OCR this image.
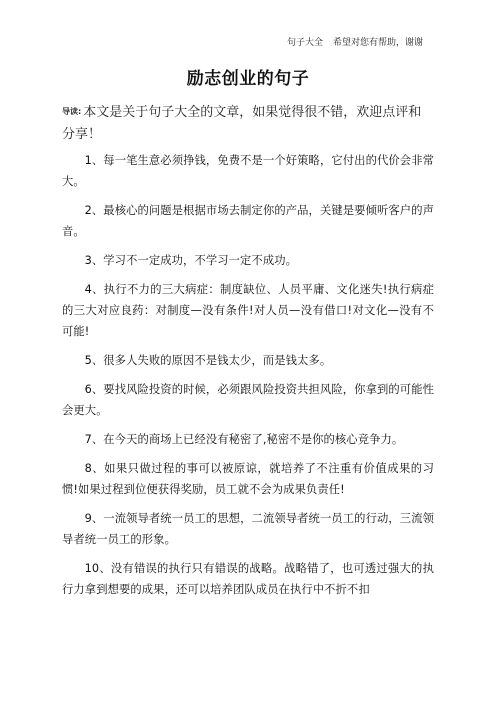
句子大全 希望对您有帮助，谢谢
励志创业的句子

导读: 本文是关于句子大全的文章，如果觉得很不错，欢迎点评和分享！

1、每一笔生意必须挣钱，免费不是一个好策略，它付出的代价会非常大。

2、最核心的问题是根据市场去制定你的产品，关键是要倾听客户的声音。

3、学习不一定成功，不学习一定不成功。

4、执行不力的三大病症：制度缺位、人员平庸、文化迷失!执行病症的三大对应良药：对制度—没有条件!对人员—没有借口!对文化—没有不可能!

5、很多人失败的原因不是钱太少，而是钱太多。

6、要找风险投资的时候，必须跟风险投资共担风险，你拿到的可能性会更大。

7、在今天的商场上已经没有秘密了,秘密不是你的核心竞争力。

8、如果只做过程的事可以被原谅，就培养了不注重有价值成果的习惯!如果过程到位便获得奖励，员工就不会为成果负责任!

9、一流领导者统一员工的思想，二流领导者统一员工的行动，三流领导者统一员工的形象。

10、没有错误的执行只有错误的战略。战略错了，也可透过强大的执行力拿到想要的成果，还可以培养团队成员在执行中不折不扣
